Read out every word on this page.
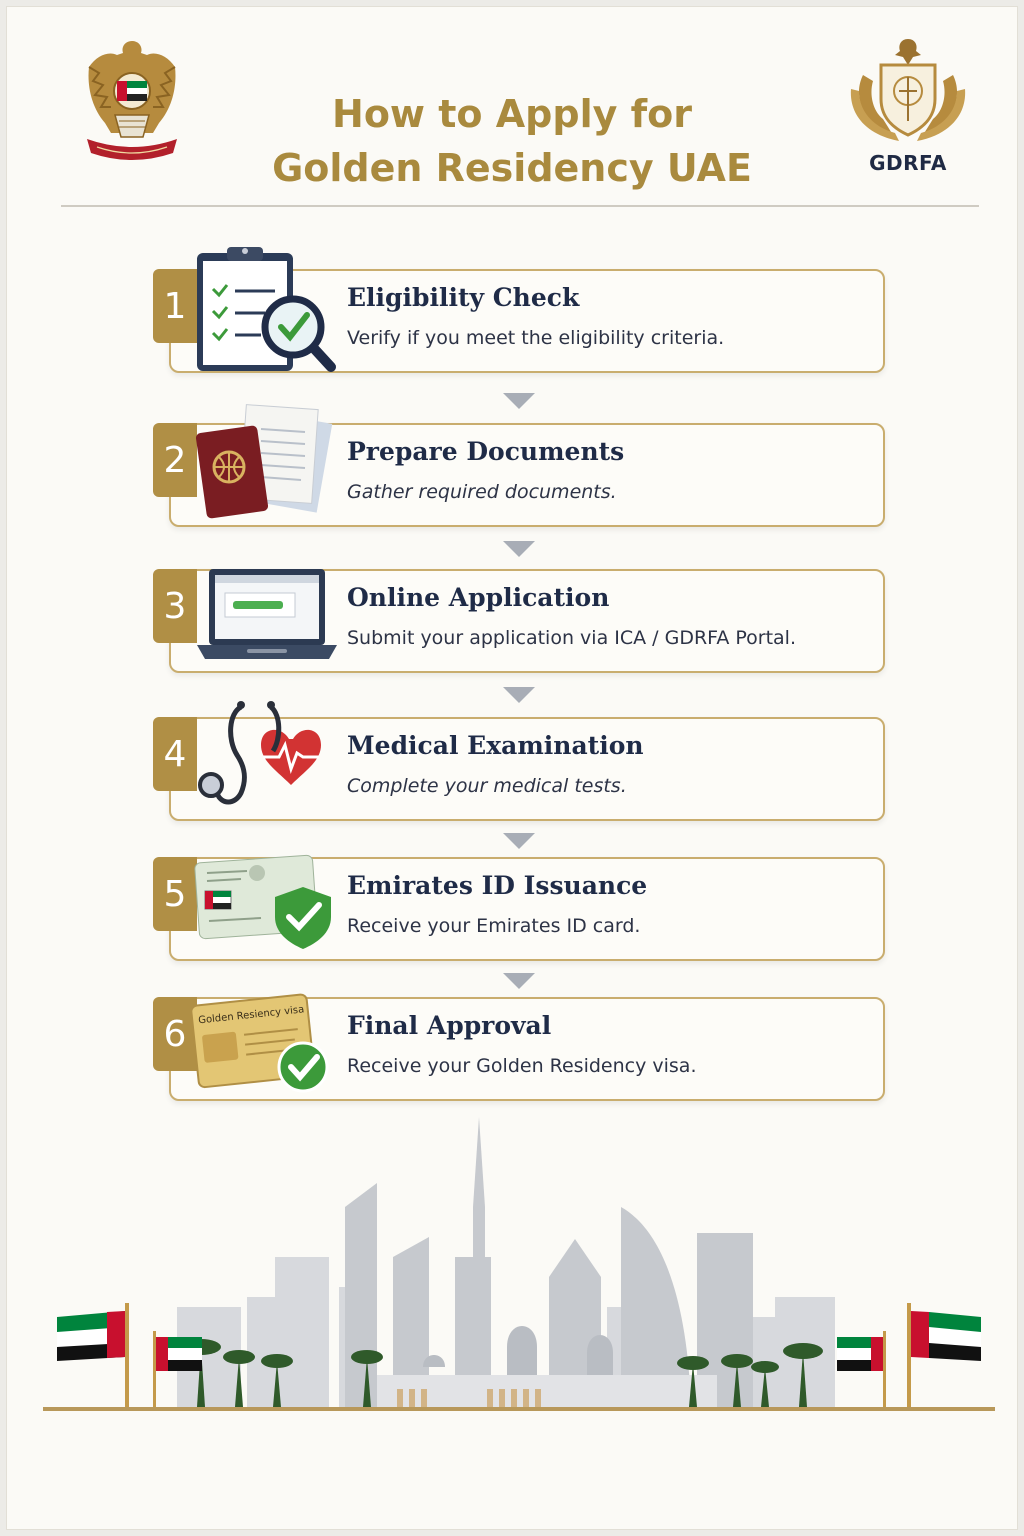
GDRFA
How to Apply for
Golden Residency UAE
1	Eligibility Check
Verify if you meet the eligibility criteria.
2	Prepare Documents
Gather required documents.
3	Online Application
Submit your application via ICA / GDRFA Portal.
4	Medical Examination
Complete your medical tests.
5	Emirates ID Issuance
Receive your Emirates ID card.
6	Golden Resiency visa Final Approval
Receive your Golden Residency visa.
